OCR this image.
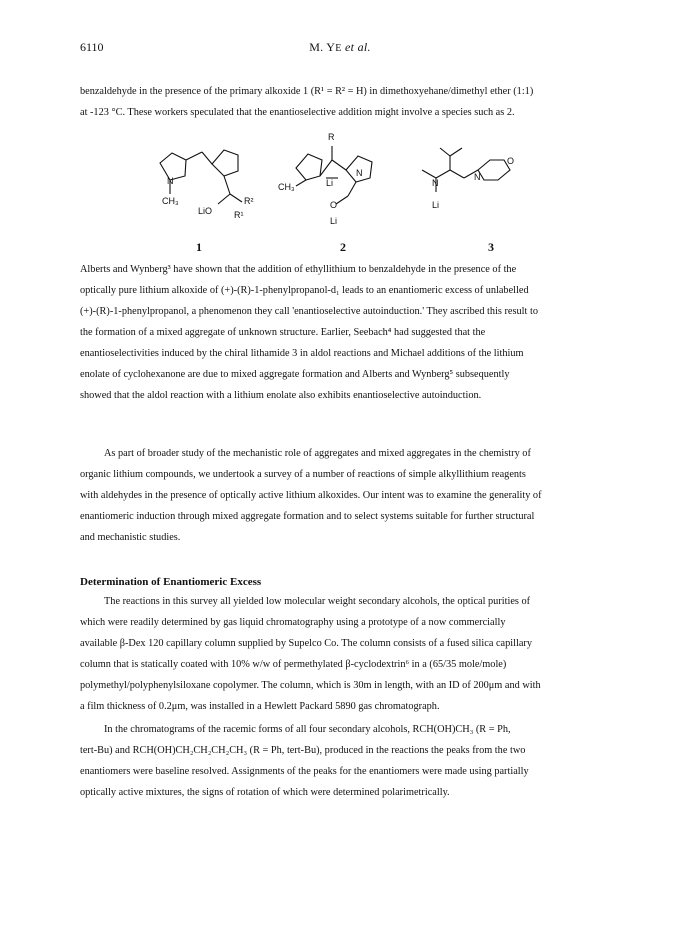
6110	M. YE et al.
benzaldehyde in the presence of the primary alkoxide 1 (R¹ = R² = H) in dimethoxyehane/dimethyl ether (1:1)
at -123 °C. These workers speculated that the enantioselective addition might involve a species such as 2.
N
CH₃
LiO
R²
R¹
R
CH₃	Li
N
O
Li
N
Li
N
O
1	2	3
Alberts and Wynberg³ have shown that the addition of ethyllithium to benzaldehyde in the presence of the
optically pure lithium alkoxide of (+)-(R)-1-phenylpropanol-d₁ leads to an enantiomeric excess of unlabelled
(+)-(R)-1-phenylpropanol, a phenomenon they call 'enantioselective autoinduction.' They ascribed this result to
the formation of a mixed aggregate of unknown structure. Earlier, Seebach⁴ had suggested that the
enantioselectivities induced by the chiral lithamide 3 in aldol reactions and Michael additions of the lithium
enolate of cyclohexanone are due to mixed aggregate formation and Alberts and Wynberg⁵ subsequently
showed that the aldol reaction with a lithium enolate also exhibits enantioselective autoinduction.
As part of broader study of the mechanistic role of aggregates and mixed aggregates in the chemistry of
organic lithium compounds, we undertook a survey of a number of reactions of simple alkyllithium reagents
with aldehydes in the presence of optically active lithium alkoxides. Our intent was to examine the generality of
enantiomeric induction through mixed aggregate formation and to select systems suitable for further structural
and mechanistic studies.
Determination of Enantiomeric Excess
The reactions in this survey all yielded low molecular weight secondary alcohols, the optical purities of
which were readily determined by gas liquid chromatography using a prototype of a now commercially
available β-Dex 120 capillary column supplied by Supelco Co. The column consists of a fused silica capillary
column that is statically coated with 10% w/w of permethylated β-cyclodextrin⁶ in a (65/35 mole/mole)
polymethyl/polyphenylsiloxane copolymer. The column, which is 30m in length, with an ID of 200μm and with
a film thickness of 0.2μm, was installed in a Hewlett Packard 5890 gas chromatograph.
In the chromatograms of the racemic forms of all four secondary alcohols, RCH(OH)CH₃ (R = Ph,
tert-Bu) and RCH(OH)CH₂CH₂CH₂CH₃ (R = Ph, tert-Bu), produced in the reactions the peaks from the two
enantiomers were baseline resolved. Assignments of the peaks for the enantiomers were made using partially
optically active mixtures, the signs of rotation of which were determined polarimetrically.
